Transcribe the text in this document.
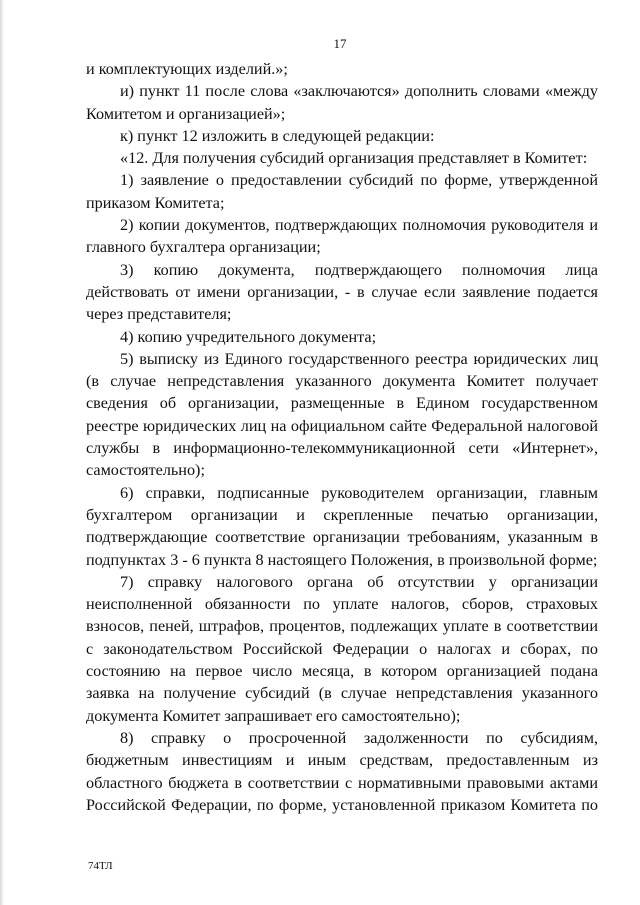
17

и комплектующих изделий.»;

и) пункт 11 после слова «заключаются» дополнить словами «между Комитетом и организацией»;

к) пункт 12 изложить в следующей редакции:

«12. Для получения субсидий организация представляет в Комитет:

1) заявление о предоставлении субсидий по форме, утвержденной приказом Комитета;

2) копии документов, подтверждающих полномочия руководителя и главного бухгалтера организации;

3) копию документа, подтверждающего полномочия лица действовать от имени организации, - в случае если заявление подается через представителя;

4) копию учредительного документа;

5) выписку из Единого государственного реестра юридических лиц (в случае непредставления указанного документа Комитет получает сведения об организации, размещенные в Едином государственном реестре юридических лиц на официальном сайте Федеральной налоговой службы в информационно-телекоммуникационной сети «Интернет», самостоятельно);

6) справки, подписанные руководителем организации, главным бухгалтером организации и скрепленные печатью организации, подтверждающие соответствие организации требованиям, указанным в подпунктах 3 - 6 пункта 8 настоящего Положения, в произвольной форме;

7) справку налогового органа об отсутствии у организации неисполненной обязанности по уплате налогов, сборов, страховых взносов, пеней, штрафов, процентов, подлежащих уплате в соответствии с законодательством Российской Федерации о налогах и сборах, по состоянию на первое число месяца, в котором организацией подана заявка на получение субсидий (в случае непредставления указанного документа Комитет запрашивает его самостоятельно);

8) справку о просроченной задолженности по субсидиям, бюджетным инвестициям и иным средствам, предоставленным из областного бюджета в соответствии с нормативными правовыми актами Российской Федерации, по форме, установленной приказом Комитета по

74ТЛ
